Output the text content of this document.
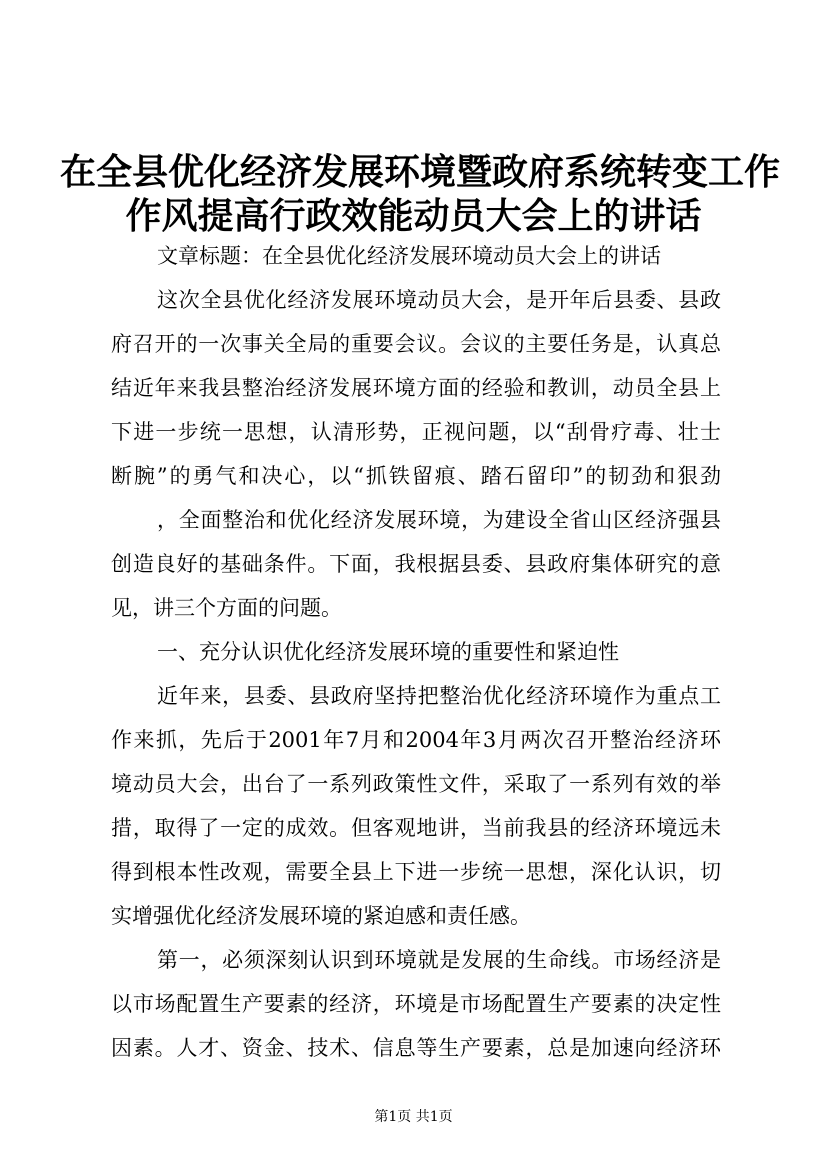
在全县优化经济发展环境暨政府系统转变工作
作风提高行政效能动员大会上的讲话

文章标题：在全县优化经济发展环境动员大会上的讲话

这次全县优化经济发展环境动员大会，是开年后县委、县政

府召开的一次事关全局的重要会议。会议的主要任务是，认真总

结近年来我县整治经济发展环境方面的经验和教训，动员全县上

下进一步统一思想，认清形势，正视问题，以“刮骨疗毒、壮士

断腕”的勇气和决心，以“抓铁留痕、踏石留印”的韧劲和狠劲

，全面整治和优化经济发展环境，为建设全省山区经济强县

创造良好的基础条件。下面，我根据县委、县政府集体研究的意

见，讲三个方面的问题。

一、充分认识优化经济发展环境的重要性和紧迫性

近年来，县委、县政府坚持把整治优化经济环境作为重点工

作来抓，先后于2001年7月和2004年3月两次召开整治经济环

境动员大会，出台了一系列政策性文件，采取了一系列有效的举

措，取得了一定的成效。但客观地讲，当前我县的经济环境远未

得到根本性改观，需要全县上下进一步统一思想，深化认识，切

实增强优化经济发展环境的紧迫感和责任感。

第一，必须深刻认识到环境就是发展的生命线。市场经济是

以市场配置生产要素的经济，环境是市场配置生产要素的决定性

因素。人才、资金、技术、信息等生产要素，总是加速向经济环

第1页 共1页
